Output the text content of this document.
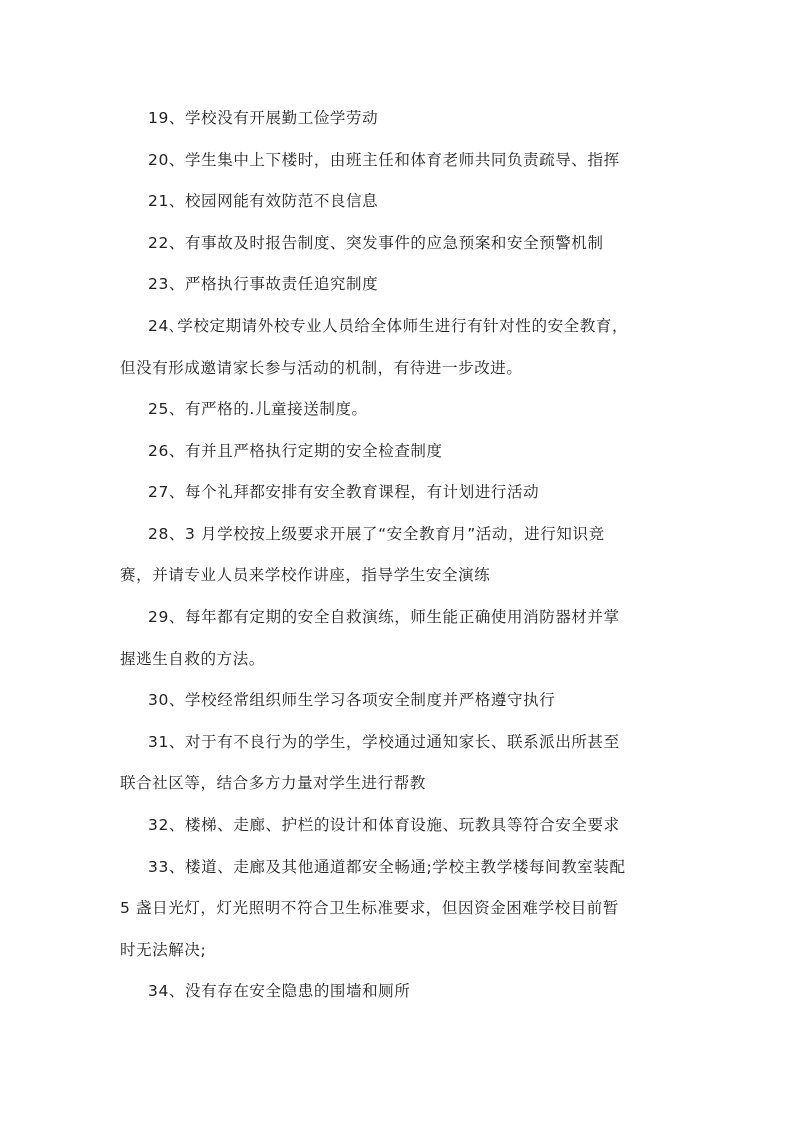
19、学校没有开展勤工俭学劳动
20、学生集中上下楼时，由班主任和体育老师共同负责疏导、指挥
21、校园网能有效防范不良信息
22、有事故及时报告制度、突发事件的应急预案和安全预警机制
23、严格执行事故责任追究制度
24､学校定期请外校专业人员给全体师生进行有针对性的安全教育，
但没有形成邀请家长参与活动的机制，有待进一步改进。
25、有严格的.儿童接送制度。
26、有并且严格执行定期的安全检查制度
27、每个礼拜都安排有安全教育课程，有计划进行活动
28、3 月学校按上级要求开展了“安全教育月”活动，进行知识竞
赛，并请专业人员来学校作讲座，指导学生安全演练
29、每年都有定期的安全自救演练，师生能正确使用消防器材并掌
握逃生自救的方法。
30、学校经常组织师生学习各项安全制度并严格遵守执行
31、对于有不良行为的学生，学校通过通知家长、联系派出所甚至
联合社区等，结合多方力量对学生进行帮教
32、楼梯、走廊、护栏的设计和体育设施、玩教具等符合安全要求
33、楼道、走廊及其他通道都安全畅通;学校主教学楼每间教室装配
5 盏日光灯，灯光照明不符合卫生标准要求，但因资金困难学校目前暂
时无法解决;
34、没有存在安全隐患的围墙和厕所
